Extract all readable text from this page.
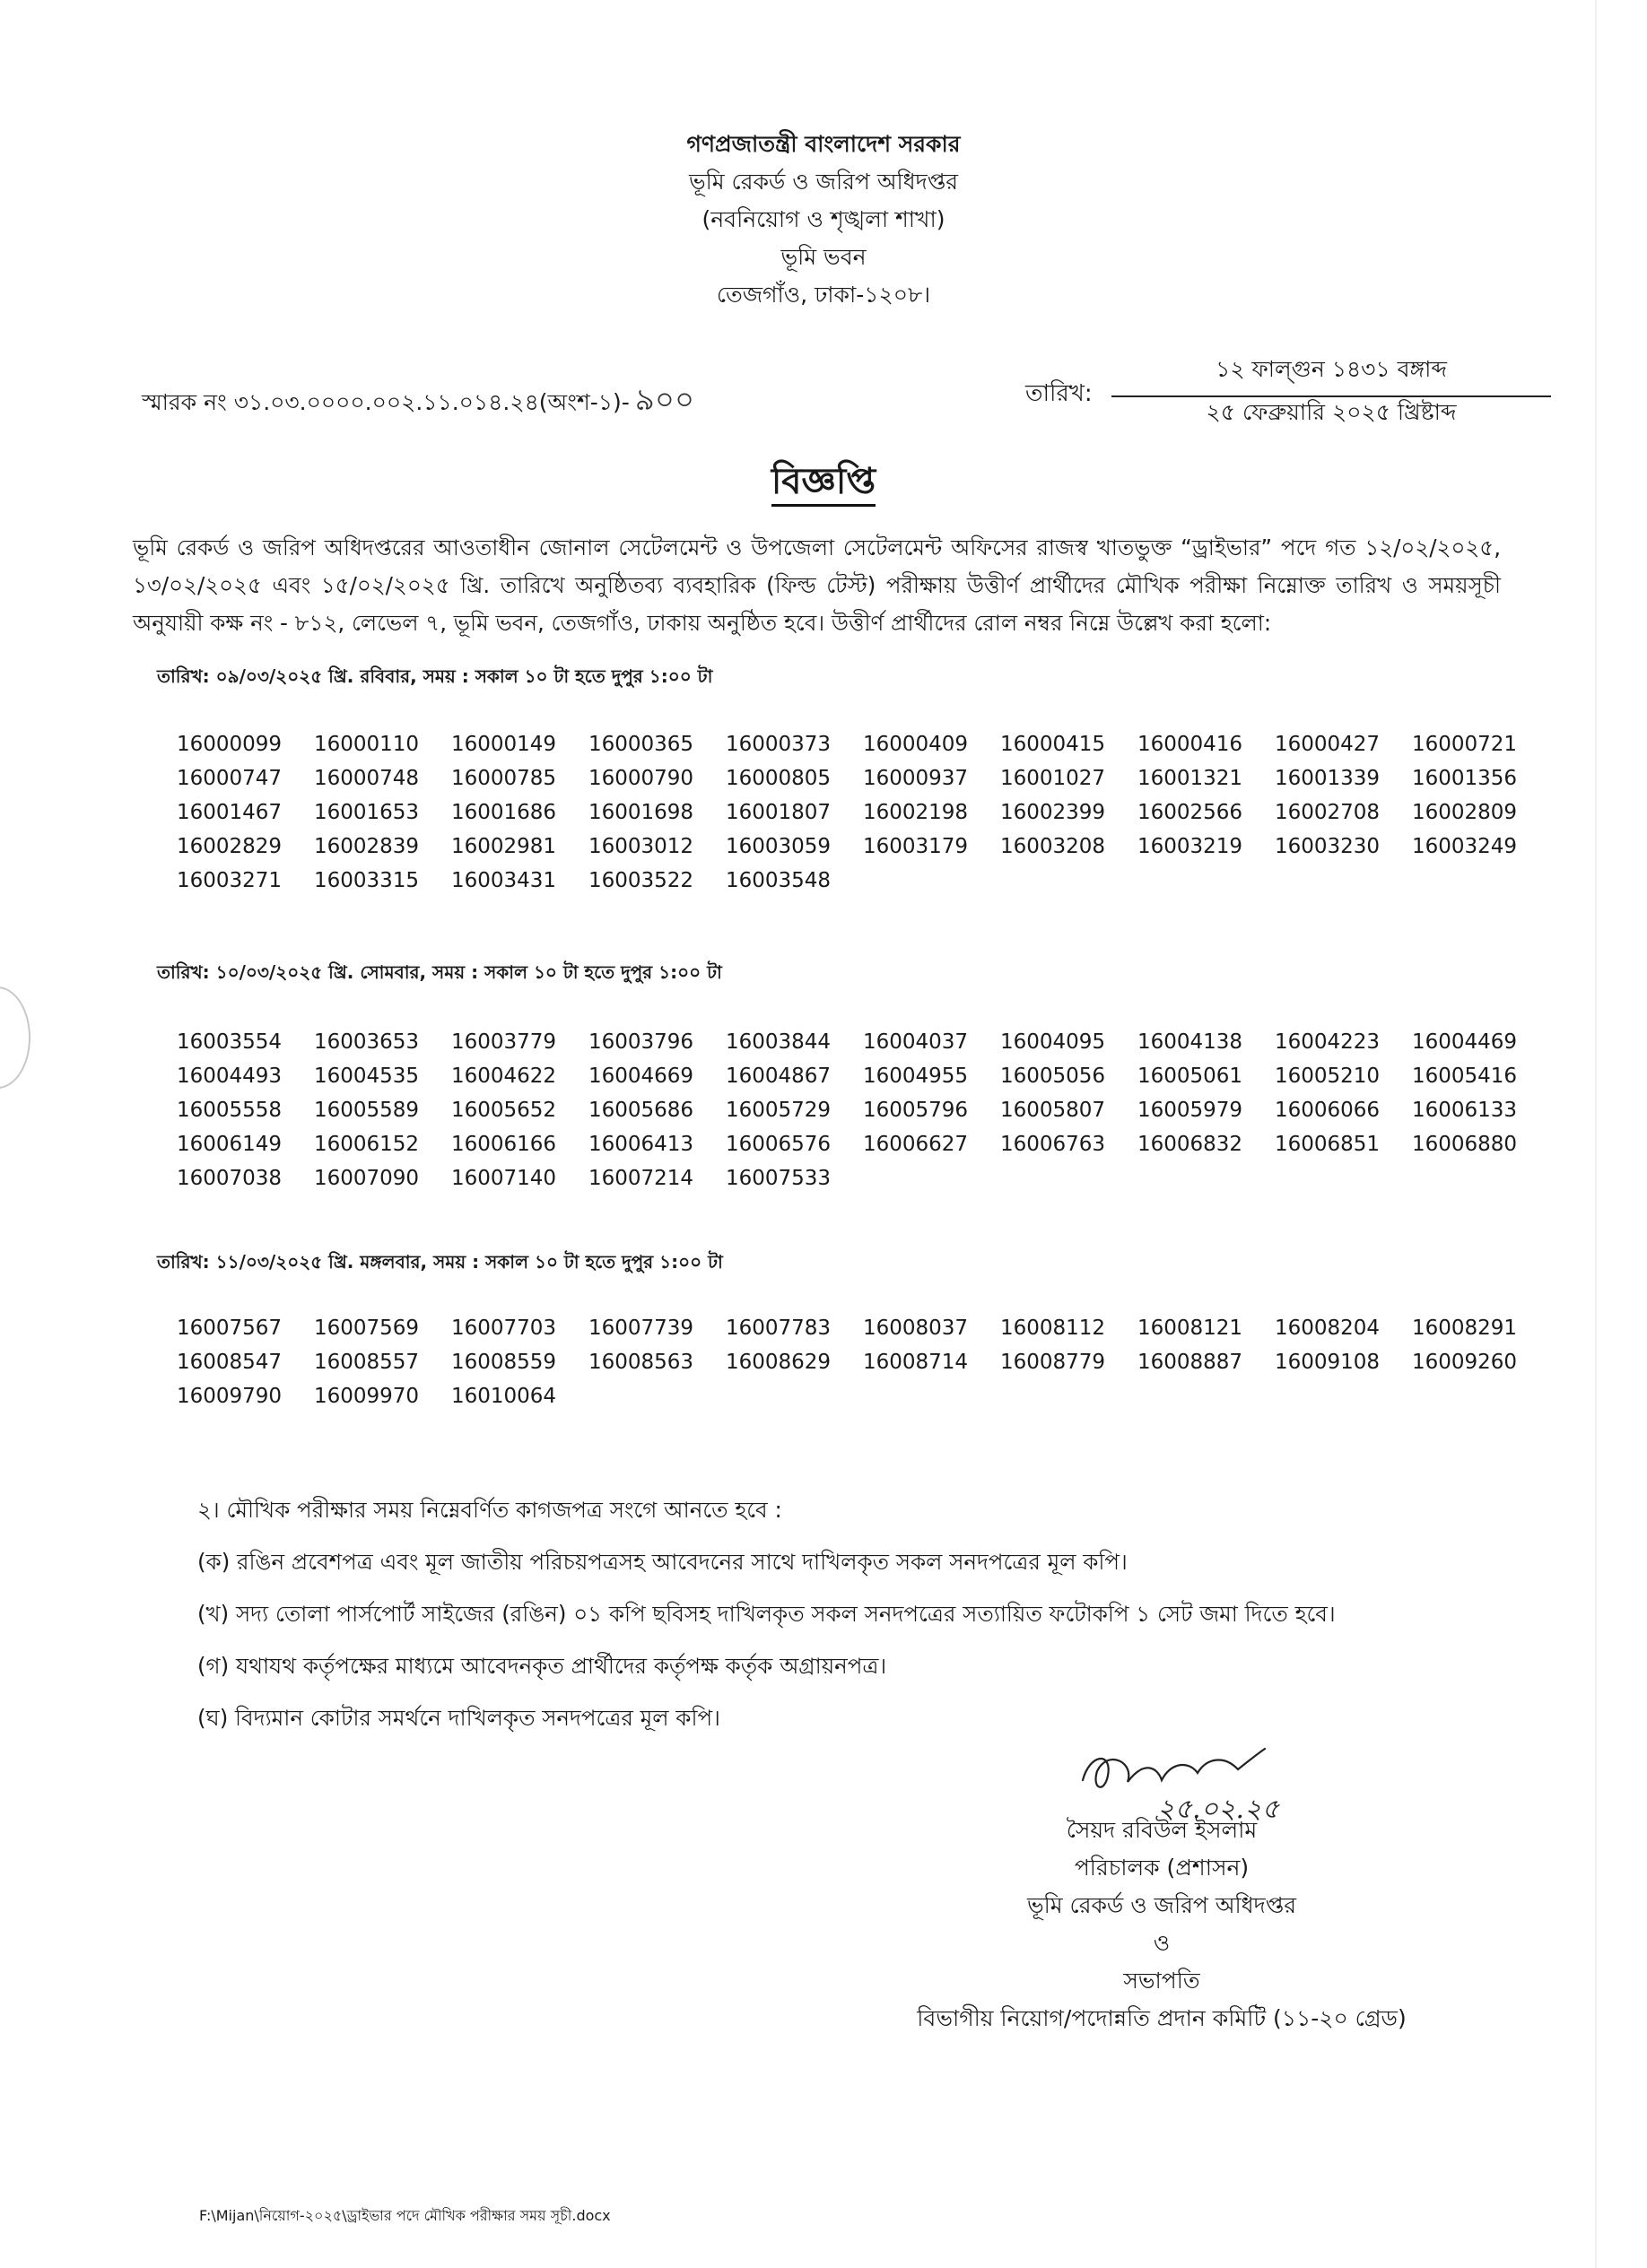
গণপ্রজাতন্ত্রী বাংলাদেশ সরকার
ভূমি রেকর্ড ও জরিপ অধিদপ্তর
(নবনিয়োগ ও শৃঙ্খলা শাখা)
ভূমি ভবন
তেজগাঁও, ঢাকা-১২০৮।
স্মারক নং ৩১.০৩.০০০০.০০২.১১.০১৪.২৪(অংশ-১)- ৯০০	তারিখ:
১২ ফাল্গুন ১৪৩১ বঙ্গাব্দ
২৫ ফেব্রুয়ারি ২০২৫ খ্রিষ্টাব্দ
বিজ্ঞপ্তি
ভূমি রেকর্ড ও জরিপ অধিদপ্তরের আওতাধীন জোনাল সেটেলমেন্ট ও উপজেলা সেটেলমেন্ট অফিসের রাজস্ব খাতভুক্ত “ড্রাইভার” পদে গত ১২/০২/২০২৫, ১৩/০২/২০২৫ এবং ১৫/০২/২০২৫ খ্রি. তারিখে অনুষ্ঠিতব্য ব্যবহারিক (ফিল্ড টেস্ট) পরীক্ষায় উত্তীর্ণ প্রার্থীদের মৌখিক পরীক্ষা নিম্নোক্ত তারিখ ও সময়সূচী অনুযায়ী কক্ষ নং - ৮১২, লেভেল ৭, ভূমি ভবন, তেজগাঁও, ঢাকায় অনুষ্ঠিত হবে। উত্তীর্ণ প্রার্থীদের রোল নম্বর নিম্নে উল্লেখ করা হলো:
তারিখ: ০৯/০৩/২০২৫ খ্রি. রবিবার, সময় : সকাল ১০ টা হতে দুপুর ১:০০ টা
16000099	16000110	16000149	16000365	16000373	16000409	16000415	16000416	16000427	16000721
16000747	16000748	16000785	16000790	16000805	16000937	16001027	16001321	16001339	16001356
16001467	16001653	16001686	16001698	16001807	16002198	16002399	16002566	16002708	16002809
16002829	16002839	16002981	16003012	16003059	16003179	16003208	16003219	16003230	16003249
16003271	16003315	16003431	16003522	16003548
তারিখ: ১০/০৩/২০২৫ খ্রি. সোমবার, সময় : সকাল ১০ টা হতে দুপুর ১:০০ টা
16003554	16003653	16003779	16003796	16003844	16004037	16004095	16004138	16004223	16004469
16004493	16004535	16004622	16004669	16004867	16004955	16005056	16005061	16005210	16005416
16005558	16005589	16005652	16005686	16005729	16005796	16005807	16005979	16006066	16006133
16006149	16006152	16006166	16006413	16006576	16006627	16006763	16006832	16006851	16006880
16007038	16007090	16007140	16007214	16007533
তারিখ: ১১/০৩/২০২৫ খ্রি. মঙ্গলবার, সময় : সকাল ১০ টা হতে দুপুর ১:০০ টা
16007567	16007569	16007703	16007739	16007783	16008037	16008112	16008121	16008204	16008291
16008547	16008557	16008559	16008563	16008629	16008714	16008779	16008887	16009108	16009260
16009790	16009970	16010064
২। মৌখিক পরীক্ষার সময় নিম্নেবর্ণিত কাগজপত্র সংগে আনতে হবে :
(ক) রঙিন প্রবেশপত্র এবং মূল জাতীয় পরিচয়পত্রসহ আবেদনের সাথে দাখিলকৃত সকল সনদপত্রের মূল কপি।
(খ) সদ্য তোলা পার্সপোর্ট সাইজের (রঙিন) ০১ কপি ছবিসহ দাখিলকৃত সকল সনদপত্রের সত্যায়িত ফটোকপি ১ সেট জমা দিতে হবে।
(গ) যথাযথ কর্তৃপক্ষের মাধ্যমে আবেদনকৃত প্রার্থীদের কর্তৃপক্ষ কর্তৃক অগ্রায়নপত্র।
(ঘ) বিদ্যমান কোটার সমর্থনে দাখিলকৃত সনদপত্রের মূল কপি।
২৫.০২.২৫
সৈয়দ রবিউল ইসলাম
পরিচালক (প্রশাসন)
ভূমি রেকর্ড ও জরিপ অধিদপ্তর
ও
সভাপতি
বিভাগীয় নিয়োগ/পদোন্নতি প্রদান কমিটি (১১-২০ গ্রেড)
F:\Mijan\নিয়োগ-২০২৫\ড্রাইভার পদে মৌখিক পরীক্ষার সময় সূচী.docx
